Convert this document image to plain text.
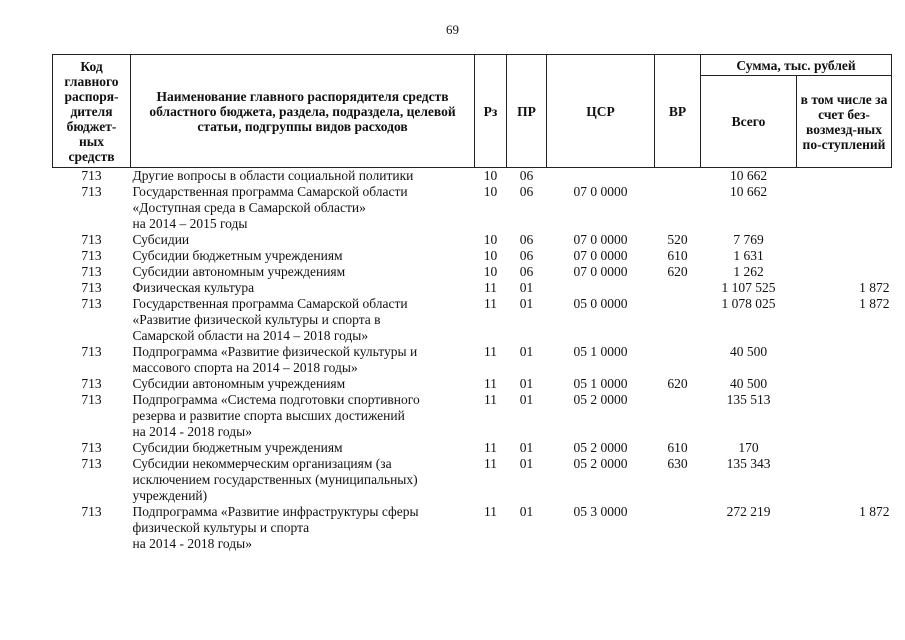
69
Код главного распоря-дителя бюджет-ных средств	Наименование главного распорядителя средств областного бюджета, раздела, подраздела, целевой статьи, подгруппы видов расходов	Рз	ПР	ЦСР	ВР	Сумма, тыс. рублей	
						Всего	в том числе за счет без-возмезд-ных по-ступлений
713	Другие вопросы в области социальной политики	10	06			10 662	
713	Государственная программа Самарской области
«Доступная среда в Самарской области»
на 2014 – 2015 годы	10	06	07 0 0000		10 662	
713	Субсидии	10	06	07 0 0000	520	7 769	
713	Субсидии бюджетным учреждениям	10	06	07 0 0000	610	1 631	
713	Субсидии автономным учреждениям	10	06	07 0 0000	620	1 262	
713	Физическая культура	11	01			1 107 525	1 872
713	Государственная программа Самарской области
«Развитие физической культуры и спорта в
Самарской области на 2014 – 2018 годы»	11	01	05 0 0000		1 078 025	1 872
713	Подпрограмма «Развитие физической культуры и
массового спорта на 2014 – 2018 годы»	11	01	05 1 0000		40 500	
713	Субсидии автономным учреждениям	11	01	05 1 0000	620	40 500	
713	Подпрограмма «Система подготовки спортивного
резерва и развитие спорта высших достижений
на 2014 - 2018 годы»	11	01	05 2 0000		135 513	
713	Субсидии бюджетным учреждениям	11	01	05 2 0000	610	170	
713	Субсидии некоммерческим организациям (за
исключением государственных (муниципальных)
учреждений)	11	01	05 2 0000	630	135 343	
713	Подпрограмма «Развитие инфраструктуры сферы
физической культуры и спорта
на 2014 - 2018 годы»	11	01	05 3 0000		272 219	1 872
